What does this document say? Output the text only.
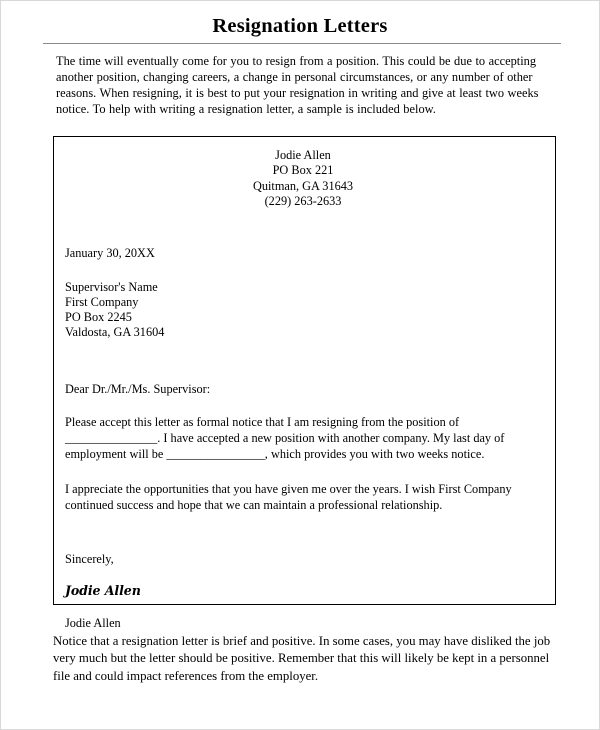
Resignation Letters

The time will eventually come for you to resign from a position. This could be due to accepting another position, changing careers, a change in personal circumstances, or any number of other reasons. When resigning, it is best to put your resignation in writing and give at least two weeks notice. To help with writing a resignation letter, a sample is included below.

Jodie Allen
PO Box 221
Quitman, GA 31643
(229) 263-2633

January 30, 20XX

Supervisor's Name
First Company
PO Box 2245
Valdosta, GA 31604

Dear Dr./Mr./Ms. Supervisor:

Please accept this letter as formal notice that I am resigning from the position of _______________. I have accepted a new position with another company. My last day of employment will be ________________, which provides you with two weeks notice.

I appreciate the opportunities that you have given me over the years. I wish First Company continued success and hope that we can maintain a professional relationship.

Sincerely,

Jodie Allen

Jodie Allen

Notice that a resignation letter is brief and positive. In some cases, you may have disliked the job very much but the letter should be positive. Remember that this will likely be kept in a personnel file and could impact references from the employer.
